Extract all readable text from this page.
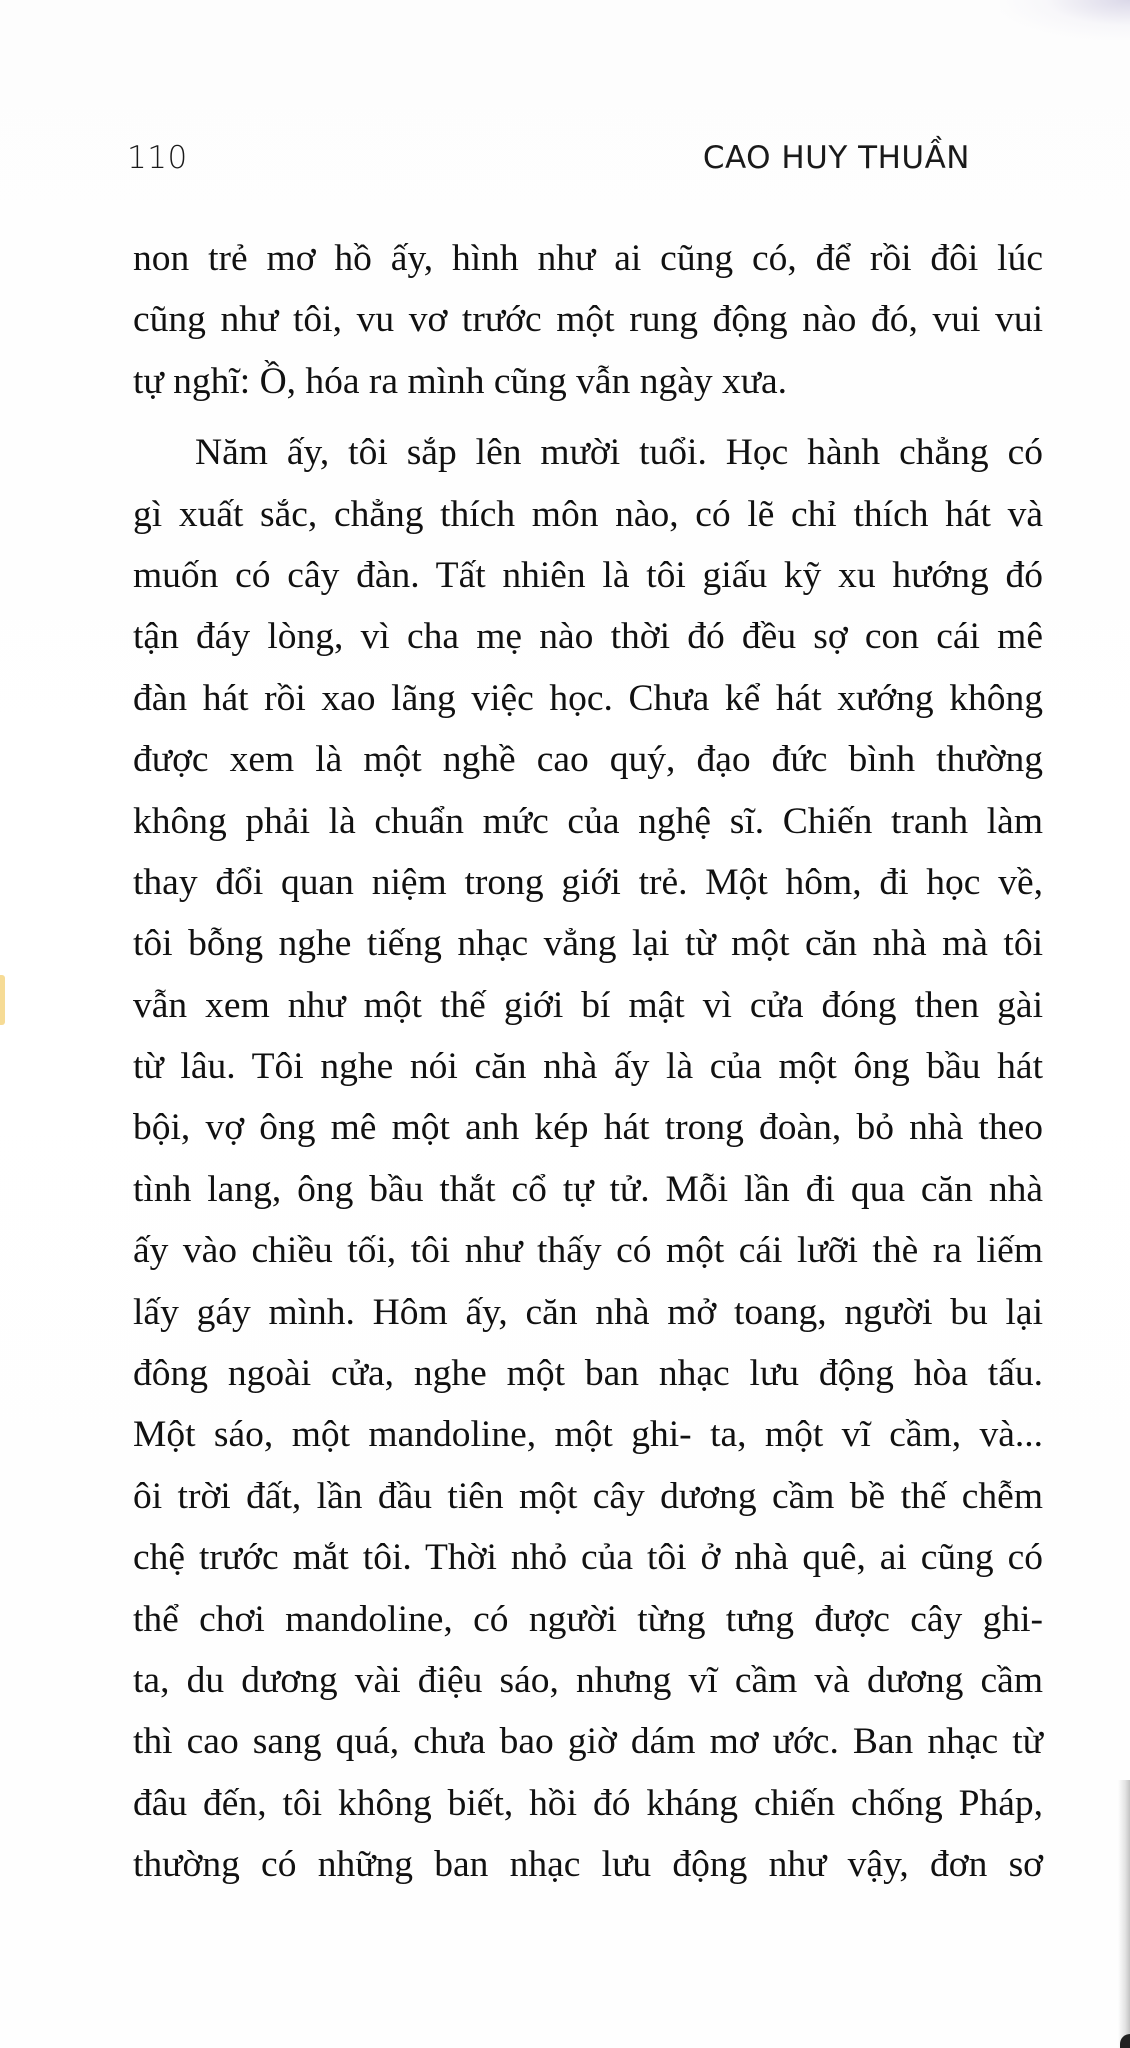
110	CAO HUY THUẦN
non trẻ mơ hồ ấy, hình như ai cũng có, để rồi đôi lúc
cũng như tôi, vu vơ trước một rung động nào đó, vui vui
tự nghĩ: Ồ, hóa ra mình cũng vẫn ngày xưa.
Năm ấy, tôi sắp lên mười tuổi. Học hành chẳng có
gì xuất sắc, chẳng thích môn nào, có lẽ chỉ thích hát và
muốn có cây đàn. Tất nhiên là tôi giấu kỹ xu hướng đó
tận đáy lòng, vì cha mẹ nào thời đó đều sợ con cái mê
đàn hát rồi xao lãng việc học. Chưa kể hát xướng không
được xem là một nghề cao quý, đạo đức bình thường
không phải là chuẩn mức của nghệ sĩ. Chiến tranh làm
thay đổi quan niệm trong giới trẻ. Một hôm, đi học về,
tôi bỗng nghe tiếng nhạc vẳng lại từ một căn nhà mà tôi
vẫn xem như một thế giới bí mật vì cửa đóng then gài
từ lâu. Tôi nghe nói căn nhà ấy là của một ông bầu hát
bội, vợ ông mê một anh kép hát trong đoàn, bỏ nhà theo
tình lang, ông bầu thắt cổ tự tử. Mỗi lần đi qua căn nhà
ấy vào chiều tối, tôi như thấy có một cái lưỡi thè ra liếm
lấy gáy mình. Hôm ấy, căn nhà mở toang, người bu lại
đông ngoài cửa, nghe một ban nhạc lưu động hòa tấu.
Một sáo, một mandoline, một ghi- ta, một vĩ cầm, và...
ôi trời đất, lần đầu tiên một cây dương cầm bề thế chễm
chệ trước mắt tôi. Thời nhỏ của tôi ở nhà quê, ai cũng có
thể chơi mandoline, có người từng tưng được cây ghi-
ta, du dương vài điệu sáo, nhưng vĩ cầm và dương cầm
thì cao sang quá, chưa bao giờ dám mơ ước. Ban nhạc từ
đâu đến, tôi không biết, hồi đó kháng chiến chống Pháp,
thường có những ban nhạc lưu động như vậy, đơn sơ
